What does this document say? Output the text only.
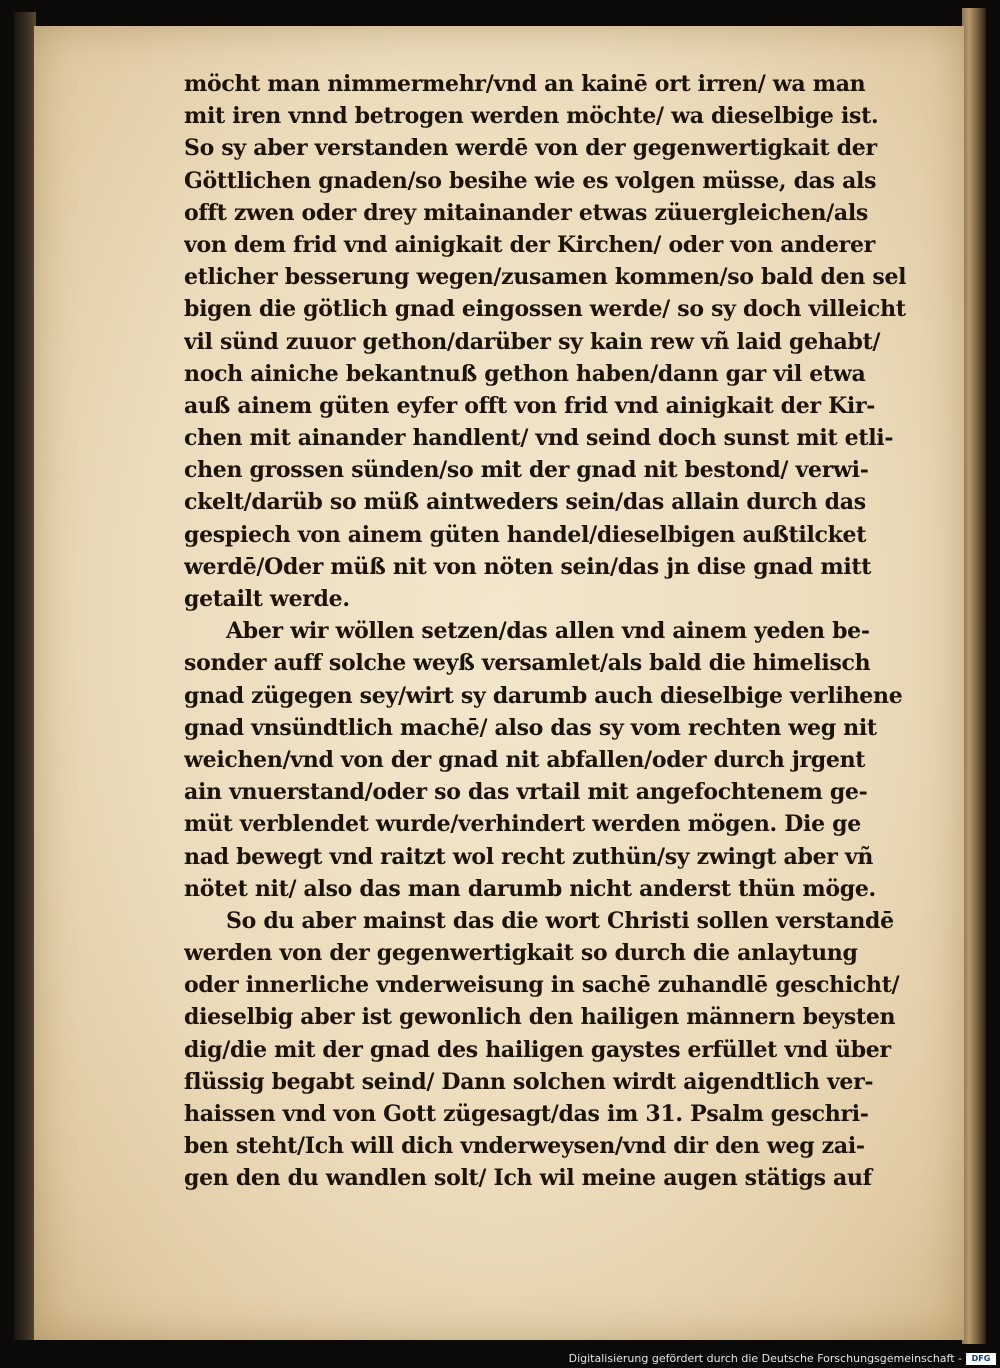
möcht man nimmermehr/vnd an kainē ort irren/ wa man
mit iren vnnd betrogen werden möchte/ wa dieselbige ist.
So sy aber verstanden werdē von der gegenwertigkait der
Göttlichen gnaden/so besihe wie es volgen müsse, das als
offt zwen oder drey mitainander etwas züuergleichen/als
von dem frid vnd ainigkait der Kirchen/ oder von anderer
etlicher besserung wegen/zusamen kommen/so bald den sel
bigen die götlich gnad eingossen werde/ so sy doch villeicht
vil sünd zuuor gethon/darüber sy kain rew vñ laid gehabt/
noch ainiche bekantnuß gethon haben/dann gar vil etwa
auß ainem güten eyfer offt von frid vnd ainigkait der Kir-
chen mit ainander handlent/ vnd seind doch sunst mit etli-
chen grossen sünden/so mit der gnad nit bestond/ verwi-
ckelt/darüb so müß aintweders sein/das allain durch das
gespiech von ainem güten handel/dieselbigen außtilcket
werdē/Oder müß nit von nöten sein/das jn dise gnad mitt
getailt werde.
Aber wir wöllen setzen/das allen vnd ainem yeden be-
sonder auff solche weyß versamlet/als bald die himelisch
gnad zügegen sey/wirt sy darumb auch dieselbige verlihene
gnad vnsündtlich machē/ also das sy vom rechten weg nit
weichen/vnd von der gnad nit abfallen/oder durch jrgent
ain vnuerstand/oder so das vrtail mit angefochtenem ge-
müt verblendet wurde/verhindert werden mögen. Die ge
nad bewegt vnd raitzt wol recht zuthün/sy zwingt aber vñ
nötet nit/ also das man darumb nicht anderst thün möge.
So du aber mainst das die wort Christi sollen verstandē
werden von der gegenwertigkait so durch die anlaytung
oder innerliche vnderweisung in sachē zuhandlē geschicht/
dieselbig aber ist gewonlich den hailigen männern beysten
dig/die mit der gnad des hailigen gaystes erfüllet vnd über
flüssig begabt seind/ Dann solchen wirdt aigendtlich ver-
haissen vnd von Gott zügesagt/das im 31. Psalm geschri-
ben steht/Ich will dich vnderweysen/vnd dir den weg zai-
gen den du wandlen solt/ Ich wil meine augen stätigs auf
Digitalisierung gefördert durch die Deutsche Forschungsgemeinschaft -	DFG
